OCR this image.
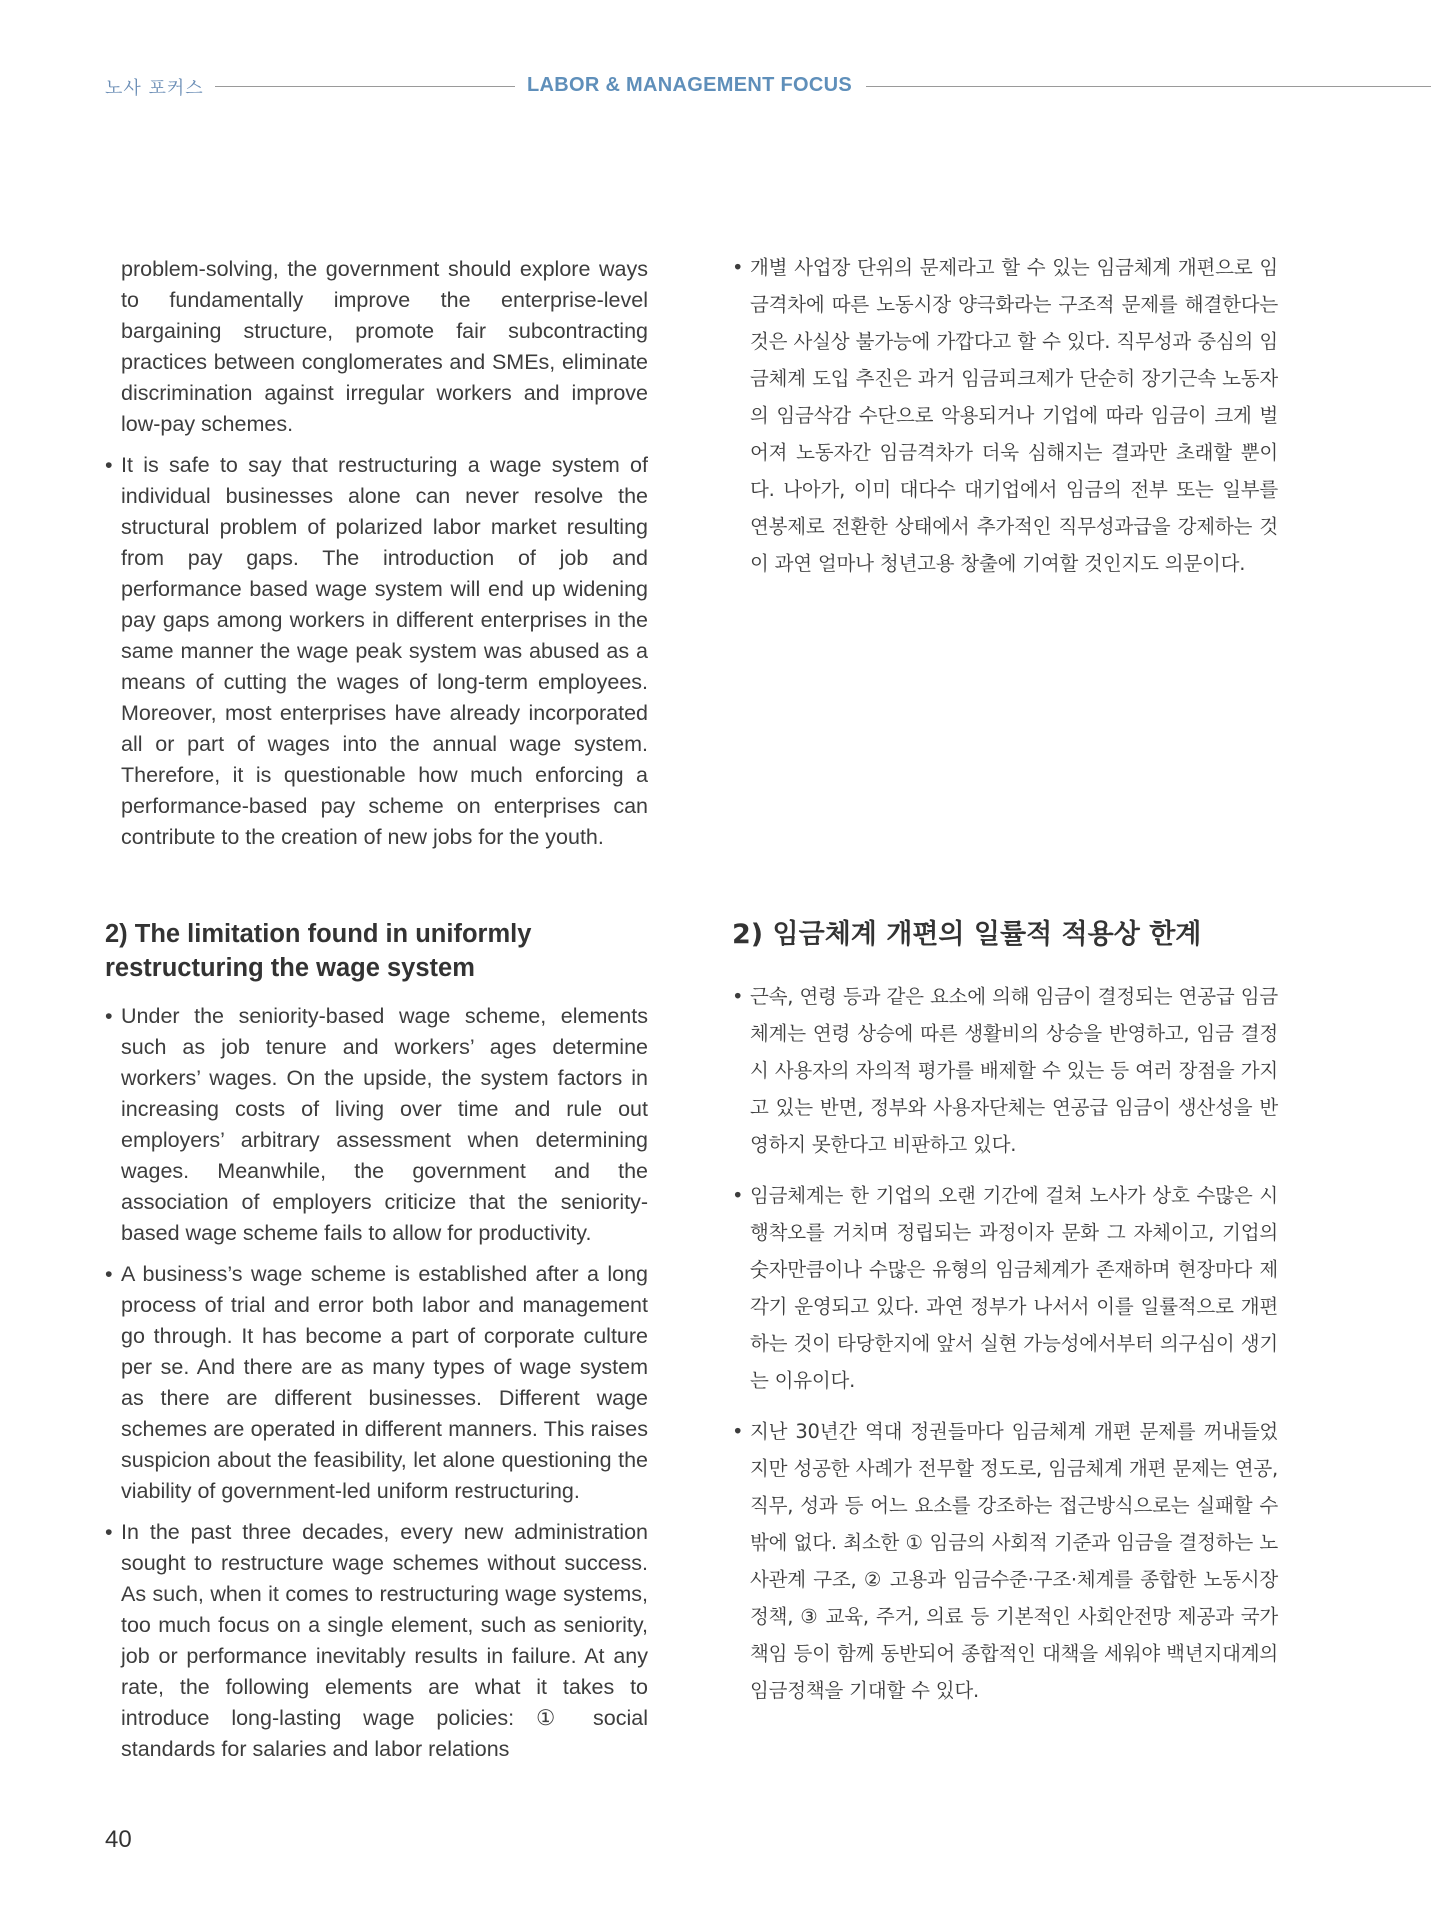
노사 포커스	LABOR & MANAGEMENT FOCUS

problem-solving, the government should explore ways to fundamentally improve the enterprise-level bargaining structure, promote fair subcontracting practices between conglomerates and SMEs, eliminate discrimination against irregular workers and improve low-pay schemes.

• It is safe to say that restructuring a wage system of individual businesses alone can never resolve the structural problem of polarized labor market resulting from pay gaps. The introduction of job and performance based wage system will end up widening pay gaps among workers in different enterprises in the same manner the wage peak system was abused as a means of cutting the wages of long-term employees. Moreover, most enterprises have already incorporated all or part of wages into the annual wage system. Therefore, it is questionable how much enforcing a performance-based pay scheme on enterprises can contribute to the creation of new jobs for the youth.

2) The limitation found in uniformly restructuring the wage system

• Under the seniority-based wage scheme, elements such as job tenure and workers’ ages determine workers’ wages. On the upside, the system factors in increasing costs of living over time and rule out employers’ arbitrary assessment when determining wages. Meanwhile, the government and the association of employers criticize that the seniority-based wage scheme fails to allow for productivity.

• A business’s wage scheme is established after a long process of trial and error both labor and management go through. It has become a part of corporate culture per se. And there are as many types of wage system as there are different businesses. Different wage schemes are operated in different manners. This raises suspicion about the feasibility, let alone questioning the viability of government-led uniform restructuring.

• In the past three decades, every new administration sought to restructure wage schemes without success. As such, when it comes to restructuring wage systems, too much focus on a single element, such as seniority, job or performance inevitably results in failure. At any rate, the following elements are what it takes to introduce long-lasting wage policies: ① social standards for salaries and labor relations

• 개별 사업장 단위의 문제라고 할 수 있는 임금체계 개편으로 임금격차에 따른 노동시장 양극화라는 구조적 문제를 해결한다는 것은 사실상 불가능에 가깝다고 할 수 있다. 직무성과 중심의 임금체계 도입 추진은 과거 임금피크제가 단순히 장기근속 노동자의 임금삭감 수단으로 악용되거나 기업에 따라 임금이 크게 벌어져 노동자간 임금격차가 더욱 심해지는 결과만 초래할 뿐이다. 나아가, 이미 대다수 대기업에서 임금의 전부 또는 일부를 연봉제로 전환한 상태에서 추가적인 직무성과급을 강제하는 것이 과연 얼마나 청년고용 창출에 기여할 것인지도 의문이다.

2) 임금체계 개편의 일률적 적용상 한계

• 근속, 연령 등과 같은 요소에 의해 임금이 결정되는 연공급 임금체계는 연령 상승에 따른 생활비의 상승을 반영하고, 임금 결정 시 사용자의 자의적 평가를 배제할 수 있는 등 여러 장점을 가지고 있는 반면, 정부와 사용자단체는 연공급 임금이 생산성을 반영하지 못한다고 비판하고 있다.

• 임금체계는 한 기업의 오랜 기간에 걸쳐 노사가 상호 수많은 시행착오를 거치며 정립되는 과정이자 문화 그 자체이고, 기업의 숫자만큼이나 수많은 유형의 임금체계가 존재하며 현장마다 제각기 운영되고 있다. 과연 정부가 나서서 이를 일률적으로 개편하는 것이 타당한지에 앞서 실현 가능성에서부터 의구심이 생기는 이유이다.

• 지난 30년간 역대 정권들마다 임금체계 개편 문제를 꺼내들었지만 성공한 사례가 전무할 정도로, 임금체계 개편 문제는 연공, 직무, 성과 등 어느 요소를 강조하는 접근방식으로는 실패할 수밖에 없다. 최소한 ① 임금의 사회적 기준과 임금을 결정하는 노사관계 구조, ② 고용과 임금수준·구조·체계를 종합한 노동시장 정책, ③ 교육, 주거, 의료 등 기본적인 사회안전망 제공과 국가책임 등이 함께 동반되어 종합적인 대책을 세워야 백년지대계의 임금정책을 기대할 수 있다.

40
